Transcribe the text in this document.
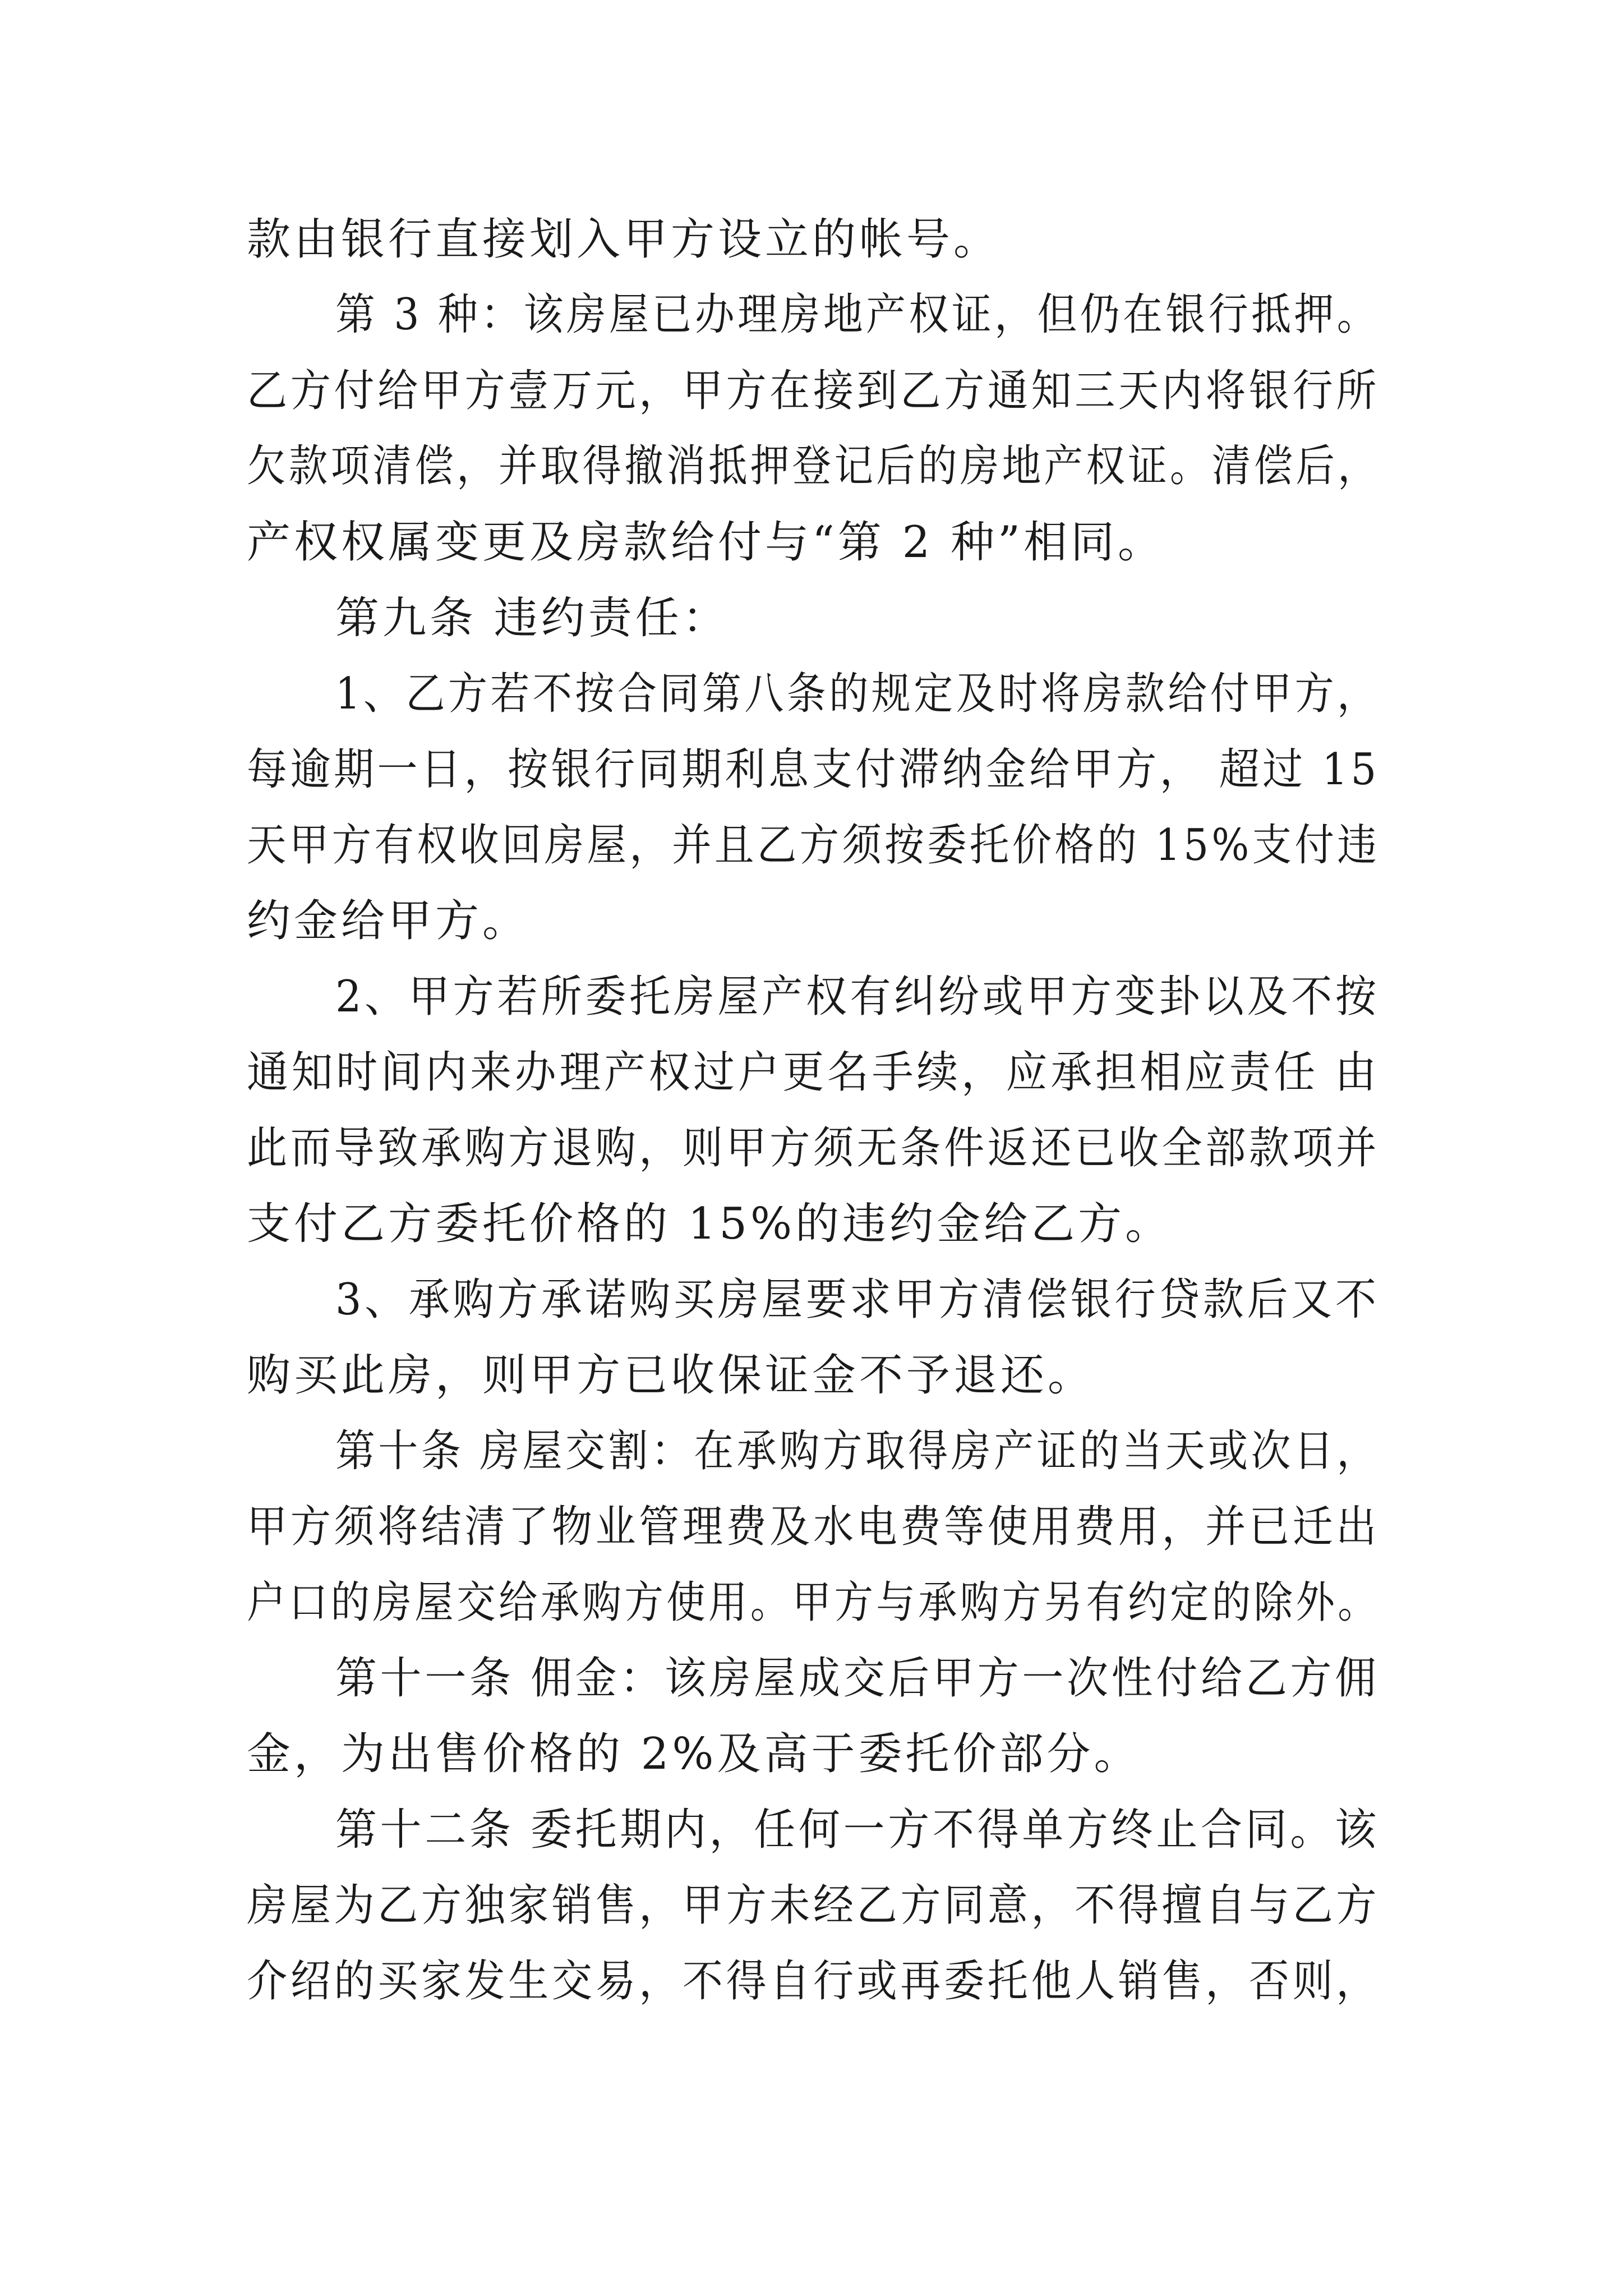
款由银行直接划入甲方设立的帐号。

第 3 种：该房屋已办理房地产权证，但仍在银行抵押。

乙方付给甲方壹万元，甲方在接到乙方通知三天内将银行所

欠款项清偿，并取得撤消抵押登记后的房地产权证。清偿后，

产权权属变更及房款给付与“第 2 种”相同。

第九条 违约责任：

1、乙方若不按合同第八条的规定及时将房款给付甲方，

每逾期一日，按银行同期利息支付滞纳金给甲方， 超过 15

天甲方有权收回房屋，并且乙方须按委托价格的 15%支付违

约金给甲方。

2、甲方若所委托房屋产权有纠纷或甲方变卦以及不按

通知时间内来办理产权过户更名手续，应承担相应责任 由

此而导致承购方退购，则甲方须无条件返还已收全部款项并

支付乙方委托价格的 15%的违约金给乙方。

3、承购方承诺购买房屋要求甲方清偿银行贷款后又不

购买此房，则甲方已收保证金不予退还。

第十条 房屋交割：在承购方取得房产证的当天或次日，

甲方须将结清了物业管理费及水电费等使用费用，并已迁出

户口的房屋交给承购方使用。甲方与承购方另有约定的除外。

第十一条 佣金：该房屋成交后甲方一次性付给乙方佣

金，为出售价格的 2%及高于委托价部分。

第十二条 委托期内，任何一方不得单方终止合同。该

房屋为乙方独家销售，甲方未经乙方同意，不得擅自与乙方

介绍的买家发生交易，不得自行或再委托他人销售，否则，
